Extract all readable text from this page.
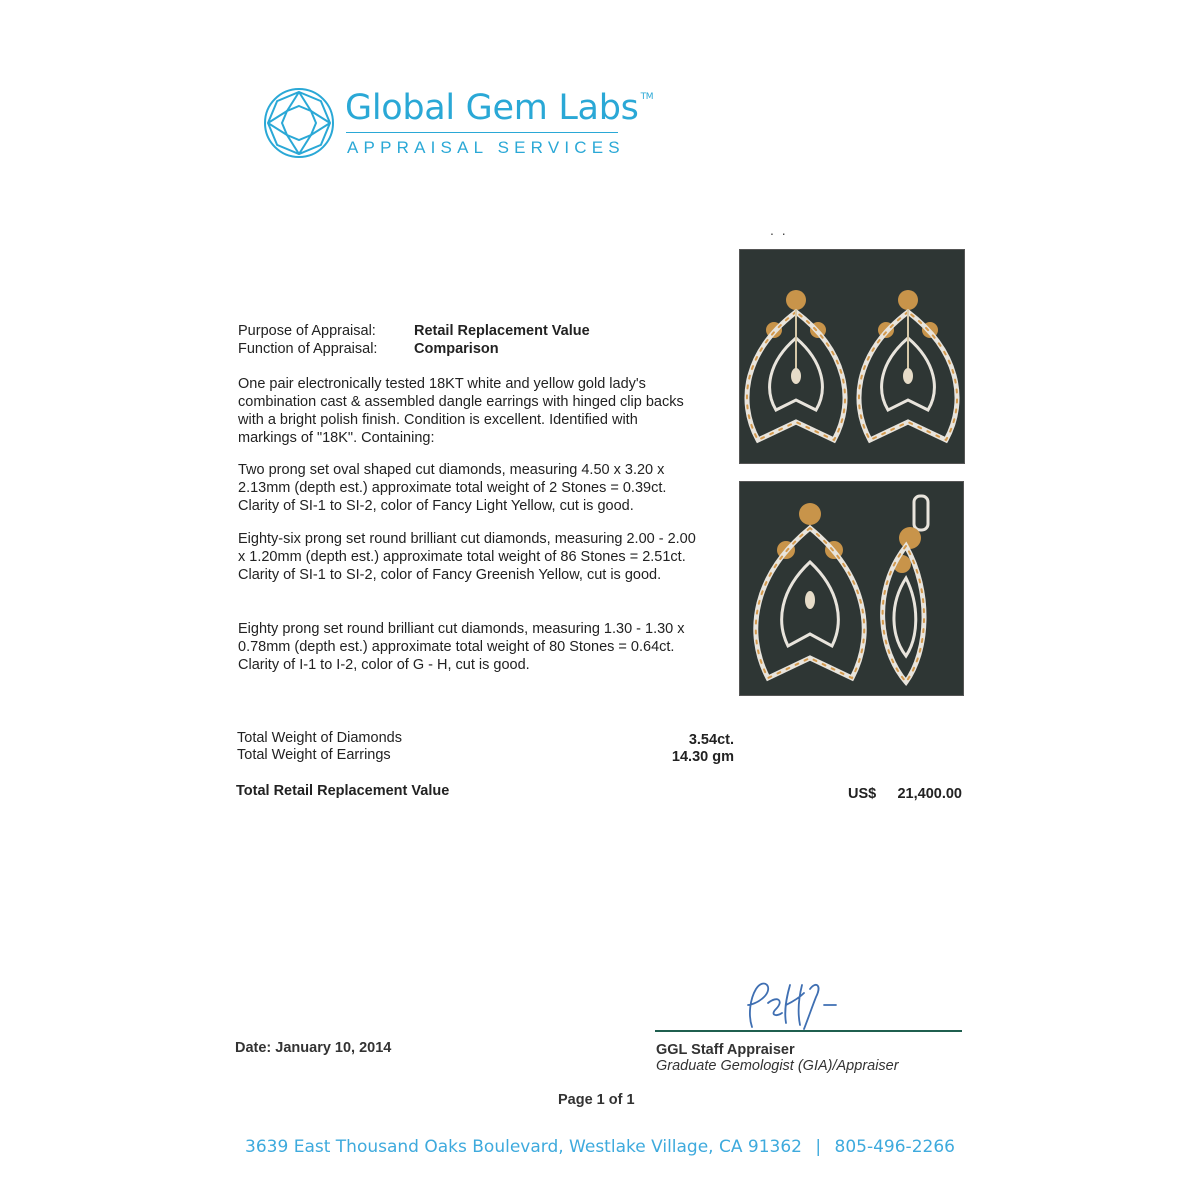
Global Gem Labs ™
APPRAISAL SERVICES
. .
Purpose of Appraisal:	Retail Replacement Value
Function of Appraisal:	Comparison
One pair electronically tested 18KT white and yellow gold lady's combination cast & assembled dangle earrings with hinged clip backs with a bright polish finish. Condition is excellent. Identified with markings of "18K". Containing:
Two prong set oval shaped cut diamonds, measuring 4.50 x 3.20 x 2.13mm (depth est.) approximate total weight of 2 Stones = 0.39ct. Clarity of SI-1 to SI-2, color of Fancy Light Yellow, cut is good.
Eighty-six prong set round brilliant cut diamonds, measuring 2.00 - 2.00 x 1.20mm (depth est.) approximate total weight of 86 Stones = 2.51ct. Clarity of SI-1 to SI-2, color of Fancy Greenish Yellow, cut is good.
Eighty prong set round brilliant cut diamonds, measuring 1.30 - 1.30 x 0.78mm (depth est.) approximate total weight of 80 Stones = 0.64ct. Clarity of I-1 to I-2, color of G - H, cut is good.
Total Weight of Diamonds	3.54ct.
Total Weight of Earrings	14.30 gm
Total Retail Replacement Value	US$	21,400.00
Date: January 10, 2014	GGL Staff Appraiser
Graduate Gemologist (GIA)/Appraiser
Page 1 of 1
3639 East Thousand Oaks Boulevard, Westlake Village, CA 91362 | 805-496-2266
